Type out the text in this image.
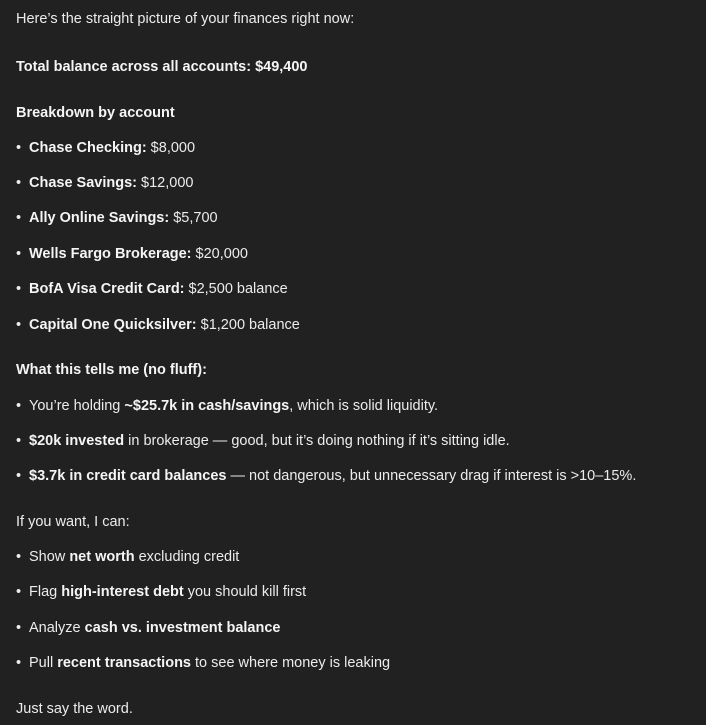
Here’s the straight picture of your finances right now:
Total balance across all accounts: $49,400
Breakdown by account
• Chase Checking: $8,000
• Chase Savings: $12,000
• Ally Online Savings: $5,700
• Wells Fargo Brokerage: $20,000
• BofA Visa Credit Card: $2,500 balance
• Capital One Quicksilver: $1,200 balance
What this tells me (no fluff):
• You’re holding ~$25.7k in cash/savings, which is solid liquidity.
• $20k invested in brokerage — good, but it’s doing nothing if it’s sitting idle.
• $3.7k in credit card balances — not dangerous, but unnecessary drag if interest is >10–15%.
If you want, I can:
• Show net worth excluding credit
• Flag high-interest debt you should kill first
• Analyze cash vs. investment balance
• Pull recent transactions to see where money is leaking
Just say the word.
